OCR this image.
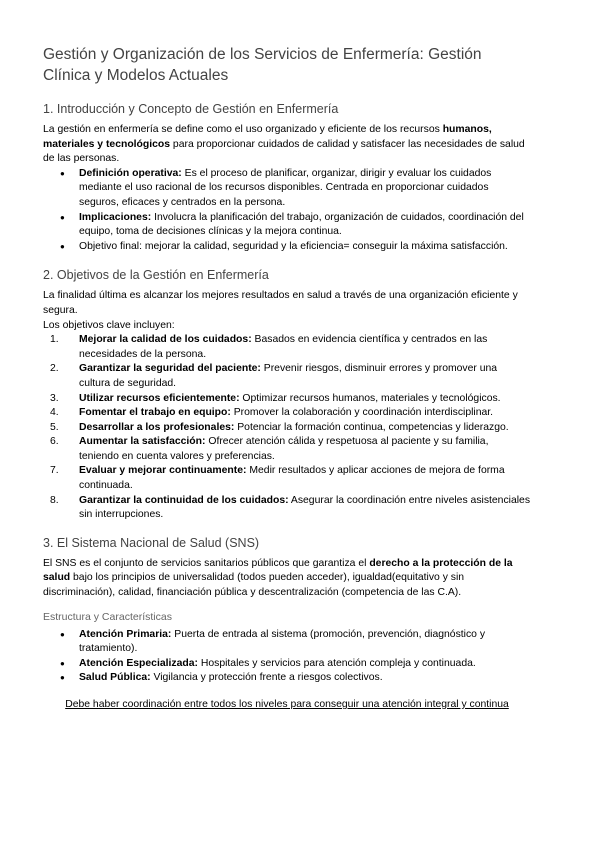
Gestión y Organización de los Servicios de Enfermería: Gestión Clínica y Modelos Actuales
1. Introducción y Concepto de Gestión en Enfermería

La gestión en enfermería se define como el uso organizado y eficiente de los recursos humanos, materiales y tecnológicos para proporcionar cuidados de calidad y satisfacer las necesidades de salud de las personas.

● Definición operativa: Es el proceso de planificar, organizar, dirigir y evaluar los cuidados mediante el uso racional de los recursos disponibles. Centrada en proporcionar cuidados seguros, eficaces y centrados en la persona.
● Implicaciones: Involucra la planificación del trabajo, organización de cuidados, coordinación del equipo, toma de decisiones clínicas y la mejora continua.
● Objetivo final: mejorar la calidad, seguridad y la eficiencia= conseguir la máxima satisfacción.
2. Objetivos de la Gestión en Enfermería

La finalidad última es alcanzar los mejores resultados en salud a través de una organización eficiente y segura.

Los objetivos clave incluyen:

1.	Mejorar la calidad de los cuidados: Basados en evidencia científica y centrados en las necesidades de la persona.
2.	Garantizar la seguridad del paciente: Prevenir riesgos, disminuir errores y promover una cultura de seguridad.
3.	Utilizar recursos eficientemente: Optimizar recursos humanos, materiales y tecnológicos.
4.	Fomentar el trabajo en equipo: Promover la colaboración y coordinación interdisciplinar.
5.	Desarrollar a los profesionales: Potenciar la formación continua, competencias y liderazgo.
6.	Aumentar la satisfacción: Ofrecer atención cálida y respetuosa al paciente y su familia, teniendo en cuenta valores y preferencias.
7.	Evaluar y mejorar continuamente: Medir resultados y aplicar acciones de mejora de forma continuada.
8.	Garantizar la continuidad de los cuidados: Asegurar la coordinación entre niveles asistenciales sin interrupciones.
3. El Sistema Nacional de Salud (SNS)

El SNS es el conjunto de servicios sanitarios públicos que garantiza el derecho a la protección de la salud bajo los principios de universalidad (todos pueden acceder), igualdad(equitativo y sin discriminación), calidad, financiación pública y descentralización (competencia de las C.A).

Estructura y Características
● Atención Primaria: Puerta de entrada al sistema (promoción, prevención, diagnóstico y tratamiento).
● Atención Especializada: Hospitales y servicios para atención compleja y continuada.
● Salud Pública: Vigilancia y protección frente a riesgos colectivos.

Debe haber coordinación entre todos los niveles para conseguir una atención integral y continua
